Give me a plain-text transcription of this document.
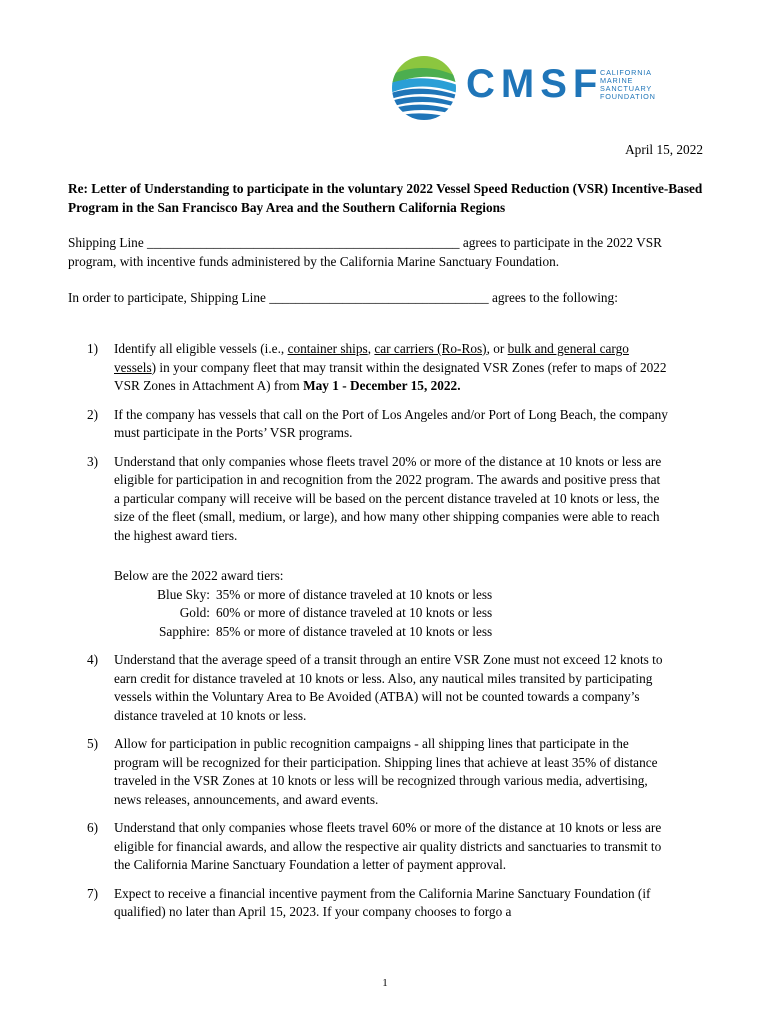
CMSF
CALIFORNIA
MARINE
SANCTUARY
FOUNDATION
April 15, 2022
Re: Letter of Understanding to participate in the voluntary 2022 Vessel Speed Reduction (VSR) Incentive-Based Program in the San Francisco Bay Area and the Southern California Regions
Shipping Line _______________________________________________ agrees to participate in the 2022 VSR program, with incentive funds administered by the California Marine Sanctuary Foundation.
In order to participate, Shipping Line _________________________________ agrees to the following:
1) Identify all eligible vessels (i.e., container ships, car carriers (Ro-Ros), or bulk and general cargo vessels) in your company fleet that may transit within the designated VSR Zones (refer to maps of 2022 VSR Zones in Attachment A) from May 1 - December 15, 2022.
2) If the company has vessels that call on the Port of Los Angeles and/or Port of Long Beach, the company must participate in the Ports’ VSR programs.
3) Understand that only companies whose fleets travel 20% or more of the distance at 10 knots or less are eligible for participation in and recognition from the 2022 program. The awards and positive press that a particular company will receive will be based on the percent distance traveled at 10 knots or less, the size of the fleet (small, medium, or large), and how many other shipping companies were able to reach the highest award tiers.
Below are the 2022 award tiers:
Blue Sky: 35% or more of distance traveled at 10 knots or less
Gold: 60% or more of distance traveled at 10 knots or less
Sapphire: 85% or more of distance traveled at 10 knots or less
4) Understand that the average speed of a transit through an entire VSR Zone must not exceed 12 knots to earn credit for distance traveled at 10 knots or less. Also, any nautical miles transited by participating vessels within the Voluntary Area to Be Avoided (ATBA) will not be counted towards a company’s distance traveled at 10 knots or less.
5) Allow for participation in public recognition campaigns - all shipping lines that participate in the program will be recognized for their participation. Shipping lines that achieve at least 35% of distance traveled in the VSR Zones at 10 knots or less will be recognized through various media, advertising, news releases, announcements, and award events.
6) Understand that only companies whose fleets travel 60% or more of the distance at 10 knots or less are eligible for financial awards, and allow the respective air quality districts and sanctuaries to transmit to the California Marine Sanctuary Foundation a letter of payment approval.
7) Expect to receive a financial incentive payment from the California Marine Sanctuary Foundation (if qualified) no later than April 15, 2023. If your company chooses to forgo a
1
